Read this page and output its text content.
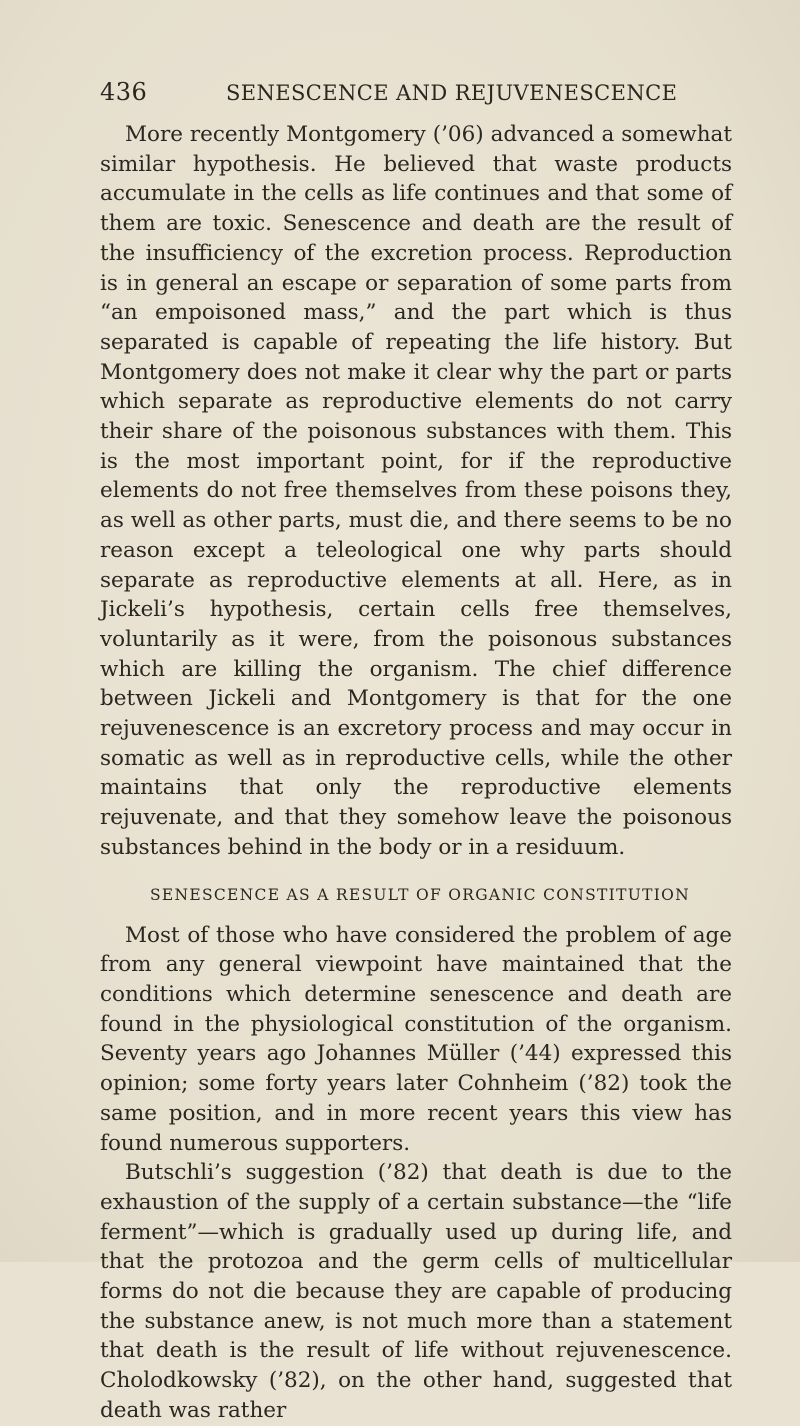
436	SENESCENCE AND REJUVENESCENCE

More recently Montgomery (’06) advanced a somewhat similar hypothesis. He believed that waste products accumulate in the cells as life continues and that some of them are toxic. Senescence and death are the result of the insufficiency of the excretion process. Reproduction is in general an escape or separation of some parts from “an empoisoned mass,” and the part which is thus separated is capable of repeating the life history. But Montgomery does not make it clear why the part or parts which separate as reproductive elements do not carry their share of the poisonous substances with them. This is the most important point, for if the reproductive elements do not free themselves from these poisons they, as well as other parts, must die, and there seems to be no reason except a teleological one why parts should separate as reproductive elements at all. Here, as in Jickeli’s hypothesis, certain cells free themselves, voluntarily as it were, from the poisonous substances which are killing the organism. The chief difference between Jickeli and Montgomery is that for the one rejuvenescence is an excretory process and may occur in somatic as well as in reproductive cells, while the other maintains that only the reproductive elements rejuvenate, and that they somehow leave the poisonous substances behind in the body or in a residuum.

SENESCENCE AS A RESULT OF ORGANIC CONSTITUTION

Most of those who have considered the problem of age from any general viewpoint have maintained that the conditions which determine senescence and death are found in the physiological constitution of the organism. Seventy years ago Johannes Müller (’44) expressed this opinion; some forty years later Cohnheim (’82) took the same position, and in more recent years this view has found numerous supporters.

Butschli’s suggestion (’82) that death is due to the exhaustion of the supply of a certain substance—the “life ferment”—which is gradually used up during life, and that the protozoa and the germ cells of multicellular forms do not die because they are capable of producing the substance anew, is not much more than a statement that death is the result of life without rejuvenescence. Cholodkowsky (’82), on the other hand, suggested that death was rather
